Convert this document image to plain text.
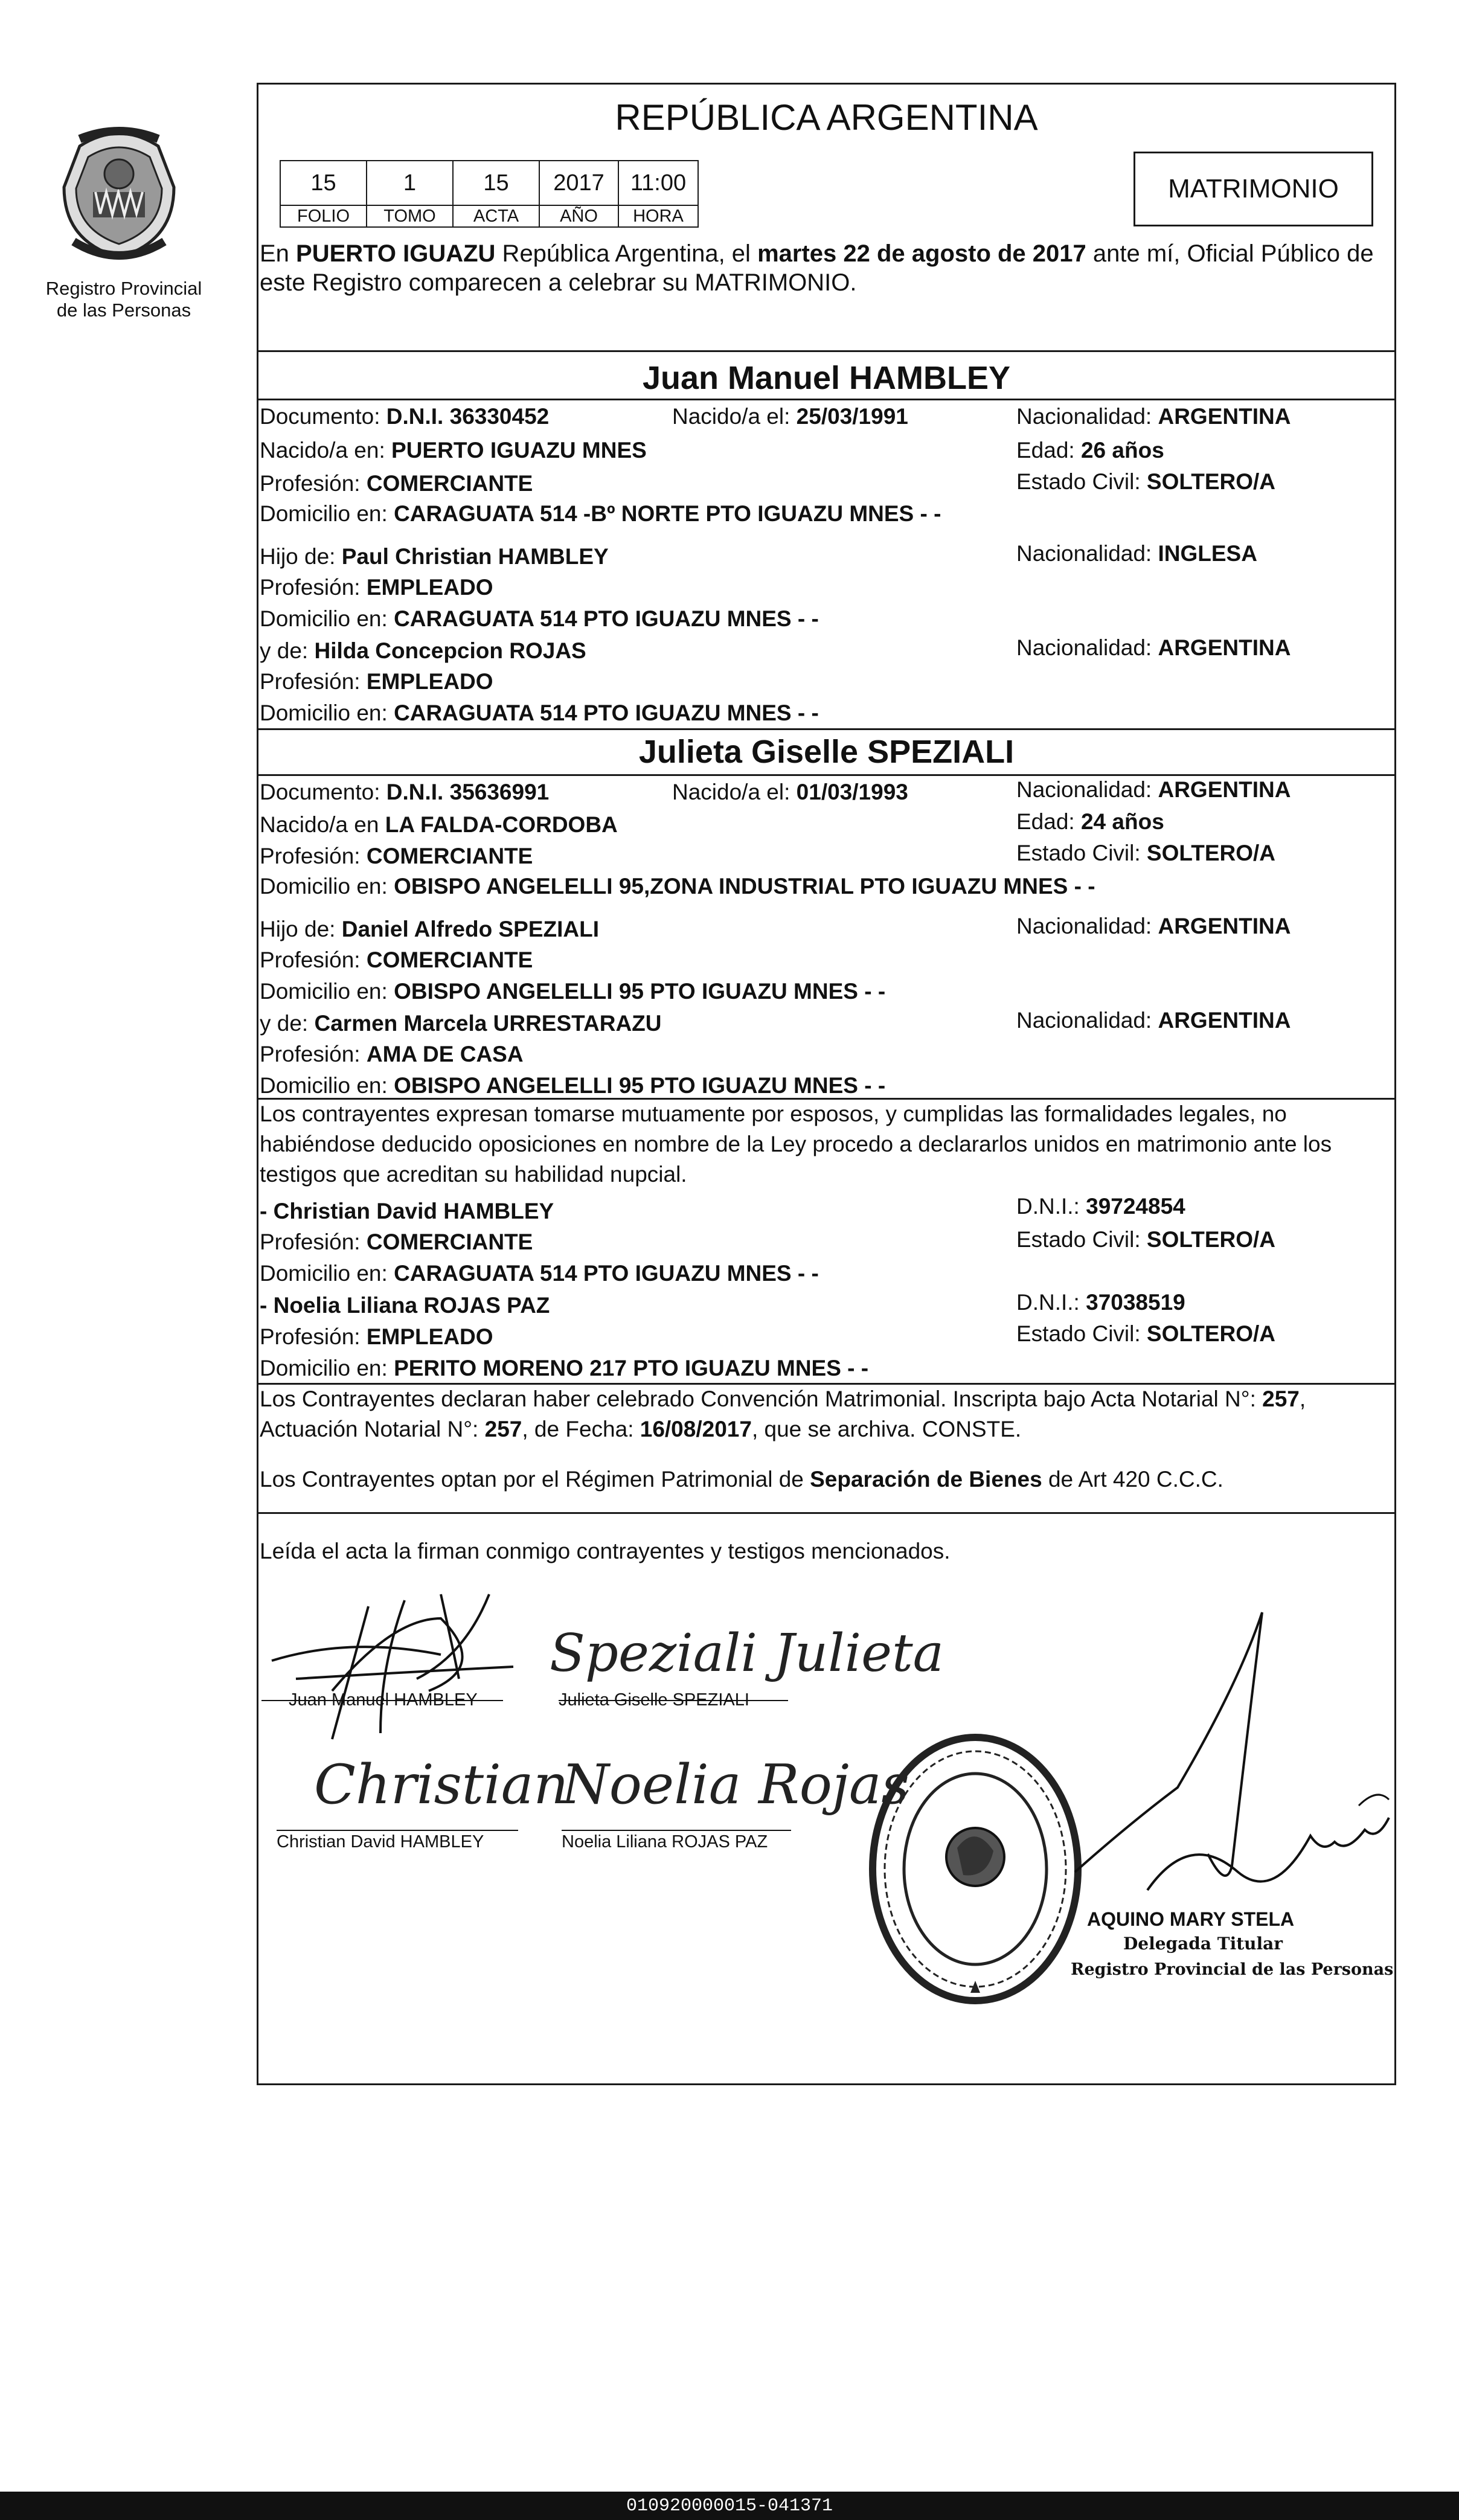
Registro Provincial
de las Personas
REPÚBLICA ARGENTINA
15	1	15	2017	11:00
FOLIO	TOMO	ACTA	AÑO	HORA
MATRIMONIO
En PUERTO IGUAZU República Argentina, el martes 22 de agosto de 2017 ante mí, Oficial Público de este Registro comparecen a celebrar su MATRIMONIO.
Juan Manuel HAMBLEY
Documento: D.N.I. 36330452	Nacido/a el: 25/03/1991	Nacionalidad: ARGENTINA
Nacido/a en: PUERTO IGUAZU MNES	Edad: 26 años
Profesión: COMERCIANTE	Estado Civil: SOLTERO/A
Domicilio en: CARAGUATA 514 -Bº NORTE PTO IGUAZU MNES - -
Hijo de: Paul Christian HAMBLEY	Nacionalidad: INGLESA
Profesión: EMPLEADO
Domicilio en: CARAGUATA 514 PTO IGUAZU MNES - -
y de: Hilda Concepcion ROJAS	Nacionalidad: ARGENTINA
Profesión: EMPLEADO
Domicilio en: CARAGUATA 514 PTO IGUAZU MNES - -
Julieta Giselle SPEZIALI
Documento: D.N.I. 35636991	Nacido/a el: 01/03/1993	Nacionalidad: ARGENTINA
Nacido/a en LA FALDA-CORDOBA	Edad: 24 años
Profesión: COMERCIANTE	Estado Civil: SOLTERO/A
Domicilio en: OBISPO ANGELELLI 95,ZONA INDUSTRIAL PTO IGUAZU MNES - -
Hijo de: Daniel Alfredo SPEZIALI	Nacionalidad: ARGENTINA
Profesión: COMERCIANTE
Domicilio en: OBISPO ANGELELLI 95 PTO IGUAZU MNES - -
y de: Carmen Marcela URRESTARAZU	Nacionalidad: ARGENTINA
Profesión: AMA DE CASA
Domicilio en: OBISPO ANGELELLI 95 PTO IGUAZU MNES - -
Los contrayentes expresan tomarse mutuamente por esposos, y cumplidas las formalidades legales, no habiéndose deducido oposiciones en nombre de la Ley procedo a declararlos unidos en matrimonio ante los testigos que acreditan su habilidad nupcial.
- Christian David HAMBLEY	D.N.I.: 39724854
Profesión: COMERCIANTE	Estado Civil: SOLTERO/A
Domicilio en: CARAGUATA 514 PTO IGUAZU MNES - -
- Noelia Liliana ROJAS PAZ	D.N.I.: 37038519
Profesión: EMPLEADO	Estado Civil: SOLTERO/A
Domicilio en: PERITO MORENO 217 PTO IGUAZU MNES - -
Los Contrayentes declaran haber celebrado Convención Matrimonial. Inscripta bajo Acta Notarial N°: 257, Actuación Notarial N°: 257, de Fecha: 16/08/2017, que se archiva. CONSTE.
Los Contrayentes optan por el Régimen Patrimonial de Separación de Bienes de Art 420 C.C.C.
Leída el acta la firman conmigo contrayentes y testigos mencionados.
Juan Manuel HAMBLEY
Speziali Julieta
Julieta Giselle SPEZIALI
Christian
Christian David HAMBLEY
Noelia Rojas
Noelia Liliana ROJAS PAZ
AQUINO MARY STELA
Delegada Titular
Registro Provincial de las Personas
010920000015-041371
